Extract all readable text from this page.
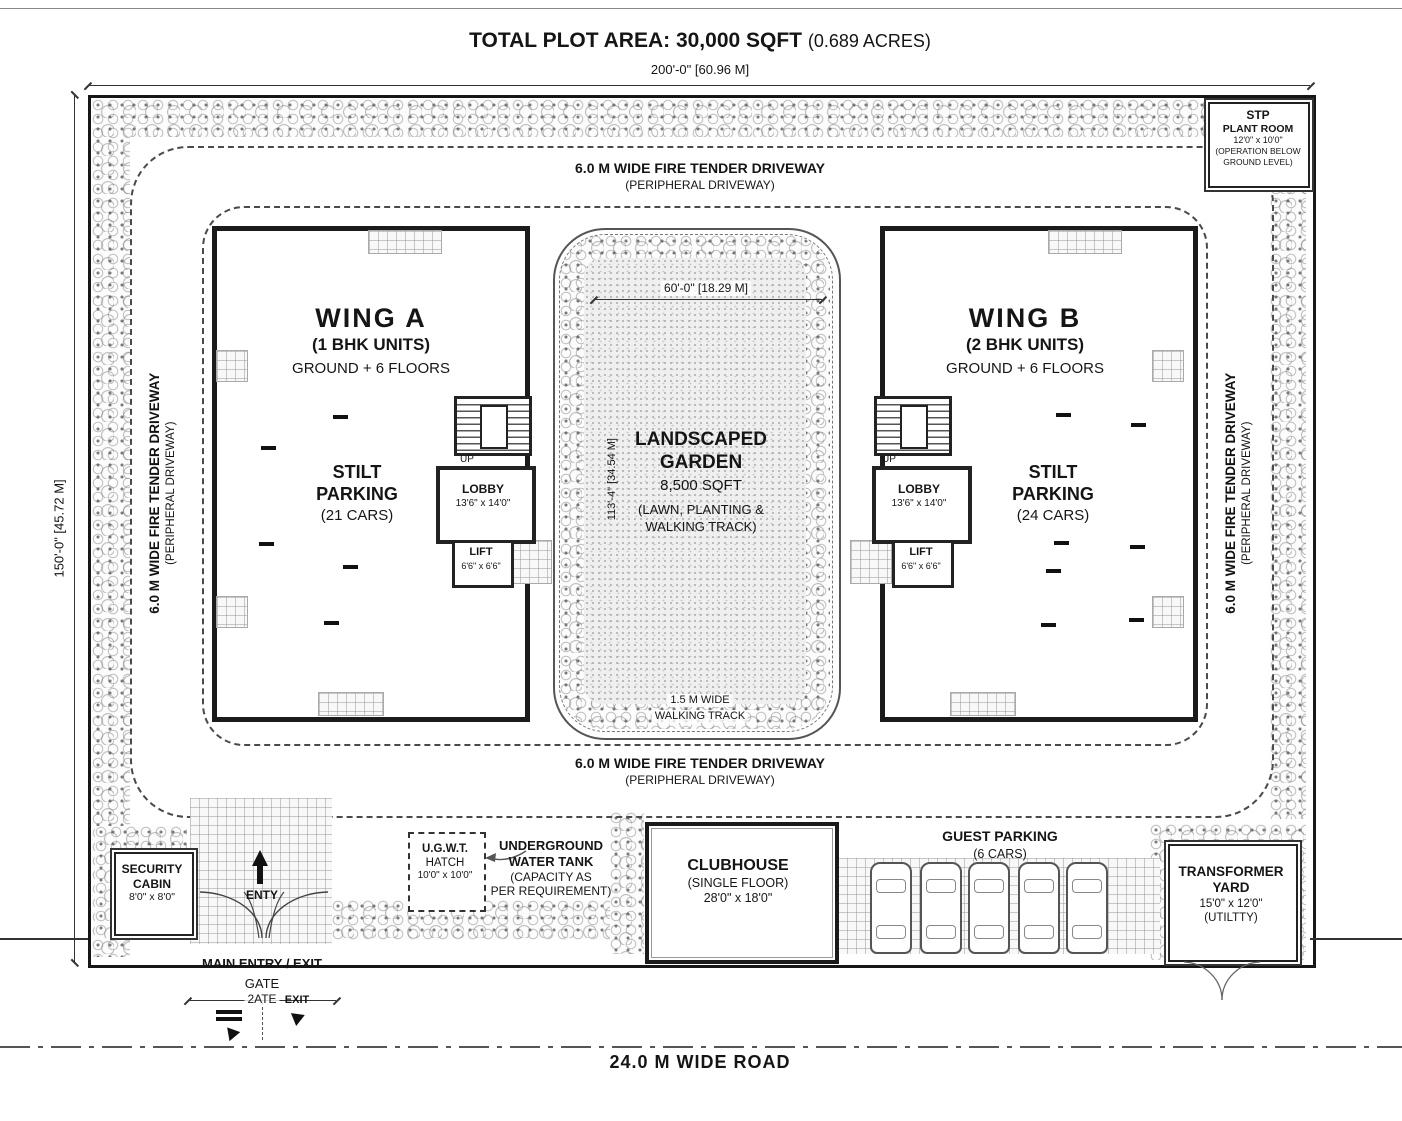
TOTAL PLOT AREA: 30,000 SQFT (0.689 ACRES)
200'-0" [60.96 M]
150'-0" [45.72 M]
6.0 M WIDE FIRE TENDER DRIVEWAY
(PERIPHERAL DRIVEWAY)
6.0 M WIDE FIRE TENDER DRIVEWAY
(PERIPHERAL DRIVEWAY)
6.0 M WIDE FIRE TENDER DRIVEWAY (PERIPHERAL DRIVEWAY)	6.0 M WIDE FIRE TENDER DRIVEWAY (PERIPHERAL DRIVEWAY)
STP
PLANT ROOM
12'0" x 10'0"
(OPERATION BELOW
GROUND LEVEL)
WING A
(1 BHK UNITS)
GROUND + 6 FLOORS
STILT
PARKING
(21 CARS)
UP
LOBBY
13'6" x 14'0"
LIFT
6'6" x 6'6"
WING B
(2 BHK UNITS)
GROUND + 6 FLOORS
STILT
PARKING
(24 CARS)
UP
LOBBY
13'6" x 14'0"
LIFT
6'6" x 6'6"
60'-0" [18.29 M]
113'-4" [34.54 M] LANDSCAPED
GARDEN
8,500 SQFT
(LAWN, PLANTING &
WALKING TRACK)
1.5 M WIDE
WALKING TRACK
SECURITY
CABIN
8'0" x 8'0"	ENTY
MAIN ENTRY / EXIT
GATE
2ATE EXIT
U.G.W.T.
HATCH
10'0" x 10'0"
UNDERGROUND
WATER TANK
(CAPACITY AS
PER REQUIREMENT)
CLUBHOUSE
(SINGLE FLOOR)
28'0" x 18'0"
GUEST PARKING
(6 CARS)
TRANSFORMER
YARD
15'0" x 12'0"
(UTILTTY)
24.0 M WIDE ROAD
